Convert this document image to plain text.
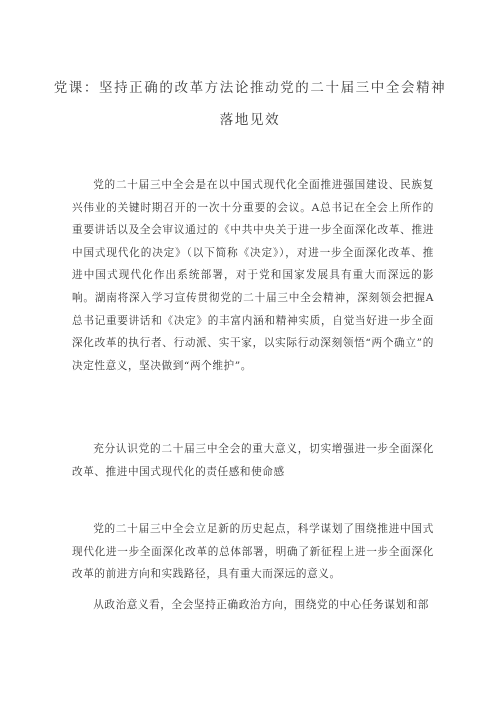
党课：坚持正确的改革方法论推动党的二十届三中全会精神
落地见效

党的二十届三中全会是在以中国式现代化全面推进强国建设、民族复兴伟业的关键时期召开的一次十分重要的会议。A总书记在全会上所作的重要讲话以及全会审议通过的《中共中央关于进一步全面深化改革、推进中国式现代化的决定》（以下简称《决定》），对进一步全面深化改革、推进中国式现代化作出系统部署，对于党和国家发展具有重大而深远的影响。湖南将深入学习宣传贯彻党的二十届三中全会精神，深刻领会把握A总书记重要讲话和《决定》的丰富内涵和精神实质，自觉当好进一步全面深化改革的执行者、行动派、实干家，以实际行动深刻领悟“两个确立”的决定性意义，坚决做到“两个维护”。

充分认识党的二十届三中全会的重大意义，切实增强进一步全面深化改革、推进中国式现代化的责任感和使命感

党的二十届三中全会立足新的历史起点，科学谋划了围绕推进中国式现代化进一步全面深化改革的总体部署，明确了新征程上进一步全面深化改革的前进方向和实践路径，具有重大而深远的意义。

从政治意义看，全会坚持正确政治方向，围绕党的中心任务谋划和部
